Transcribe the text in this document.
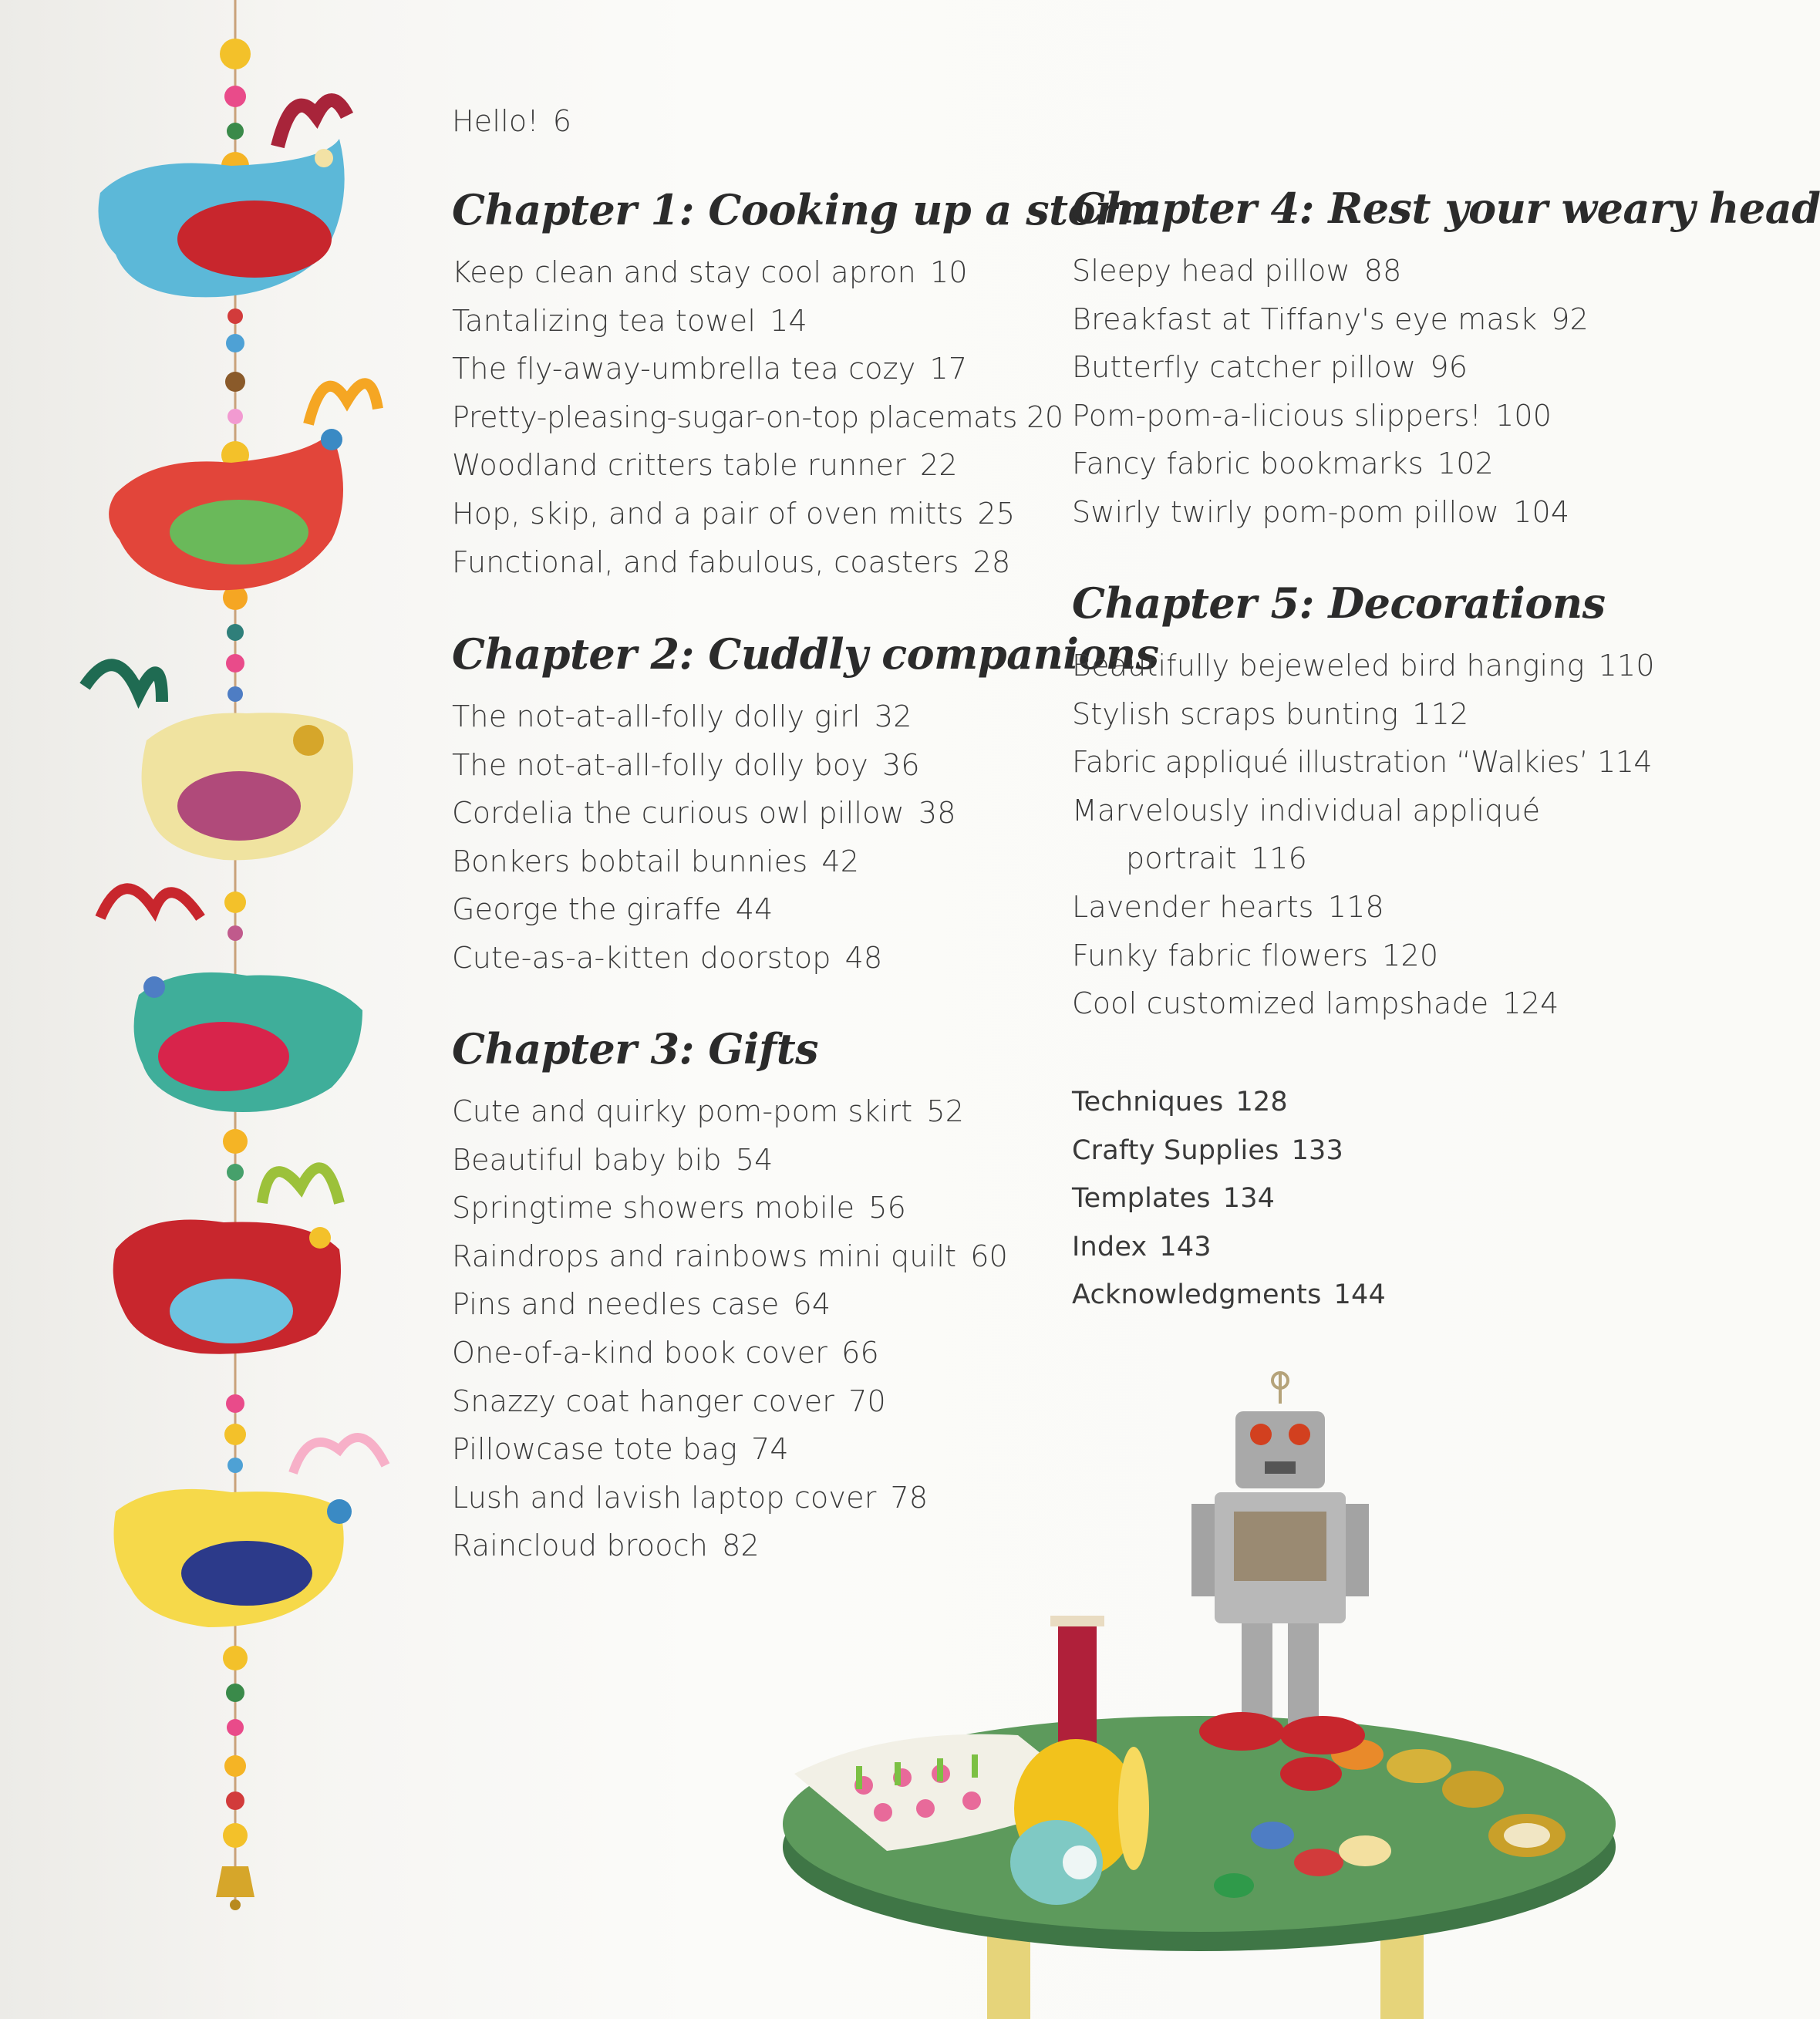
Hello! 6
Chapter 1: Cooking up a storm
Keep clean and stay cool apron 10
Tantalizing tea towel 14
The fly-away-umbrella tea cozy 17
Pretty-pleasing-sugar-on-top placemats 20
Woodland critters table runner 22
Hop, skip, and a pair of oven mitts 25
Functional, and fabulous, coasters 28
Chapter 2: Cuddly companions
The not-at-all-folly dolly girl 32
The not-at-all-folly dolly boy 36
Cordelia the curious owl pillow 38
Bonkers bobtail bunnies 42
George the giraffe 44
Cute-as-a-kitten doorstop 48
Chapter 3: Gifts
Cute and quirky pom-pom skirt 52
Beautiful baby bib 54
Springtime showers mobile 56
Raindrops and rainbows mini quilt 60
Pins and needles case 64
One-of-a-kind book cover 66
Snazzy coat hanger cover 70
Pillowcase tote bag 74
Lush and lavish laptop cover 78
Raincloud brooch 82
Chapter 4: Rest your weary head
Sleepy head pillow 88
Breakfast at Tiffany's eye mask 92
Butterfly catcher pillow 96
Pom-pom-a-licious slippers! 100
Fancy fabric bookmarks 102
Swirly twirly pom-pom pillow 104
Chapter 5: Decorations
Beautifully bejeweled bird hanging 110
Stylish scraps bunting 112
Fabric appliqué illustration “Walkies’ 114
Marvelously individual appliqué
portrait 116
Lavender hearts 118
Funky fabric flowers 120
Cool customized lampshade 124
Techniques 128
Crafty Supplies 133
Templates 134
Index 143
Acknowledgments 144
